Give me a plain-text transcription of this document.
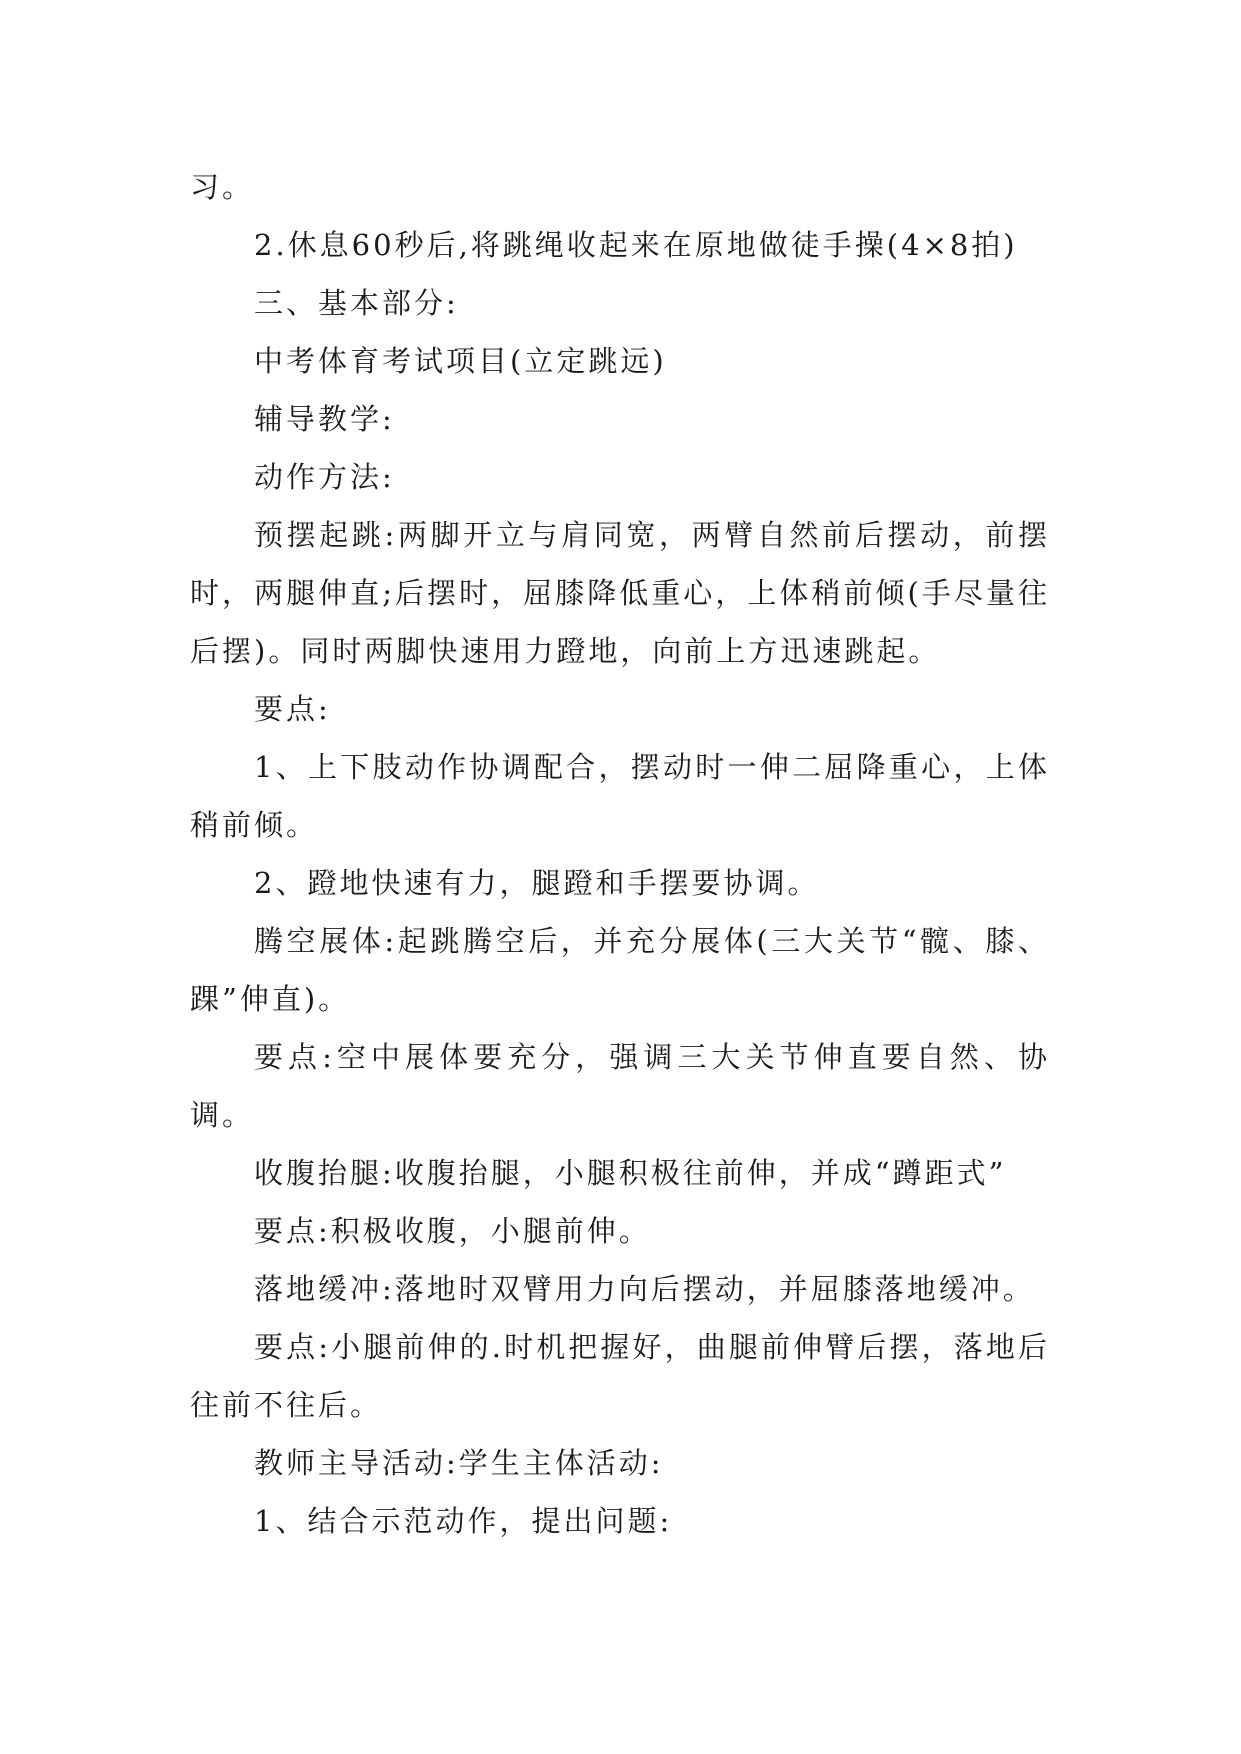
习。

2.休息60秒后,将跳绳收起来在原地做徒手操(4×8拍)

三、基本部分:

中考体育考试项目(立定跳远)

辅导教学:

动作方法:

预摆起跳:两脚开立与肩同宽，两臂自然前后摆动，前摆时，两腿伸直;后摆时，屈膝降低重心，上体稍前倾(手尽量往后摆)。同时两脚快速用力蹬地，向前上方迅速跳起。

要点:

1、上下肢动作协调配合，摆动时一伸二屈降重心，上体稍前倾。

2、蹬地快速有力，腿蹬和手摆要协调。

腾空展体:起跳腾空后，并充分展体(三大关节“髋、膝、踝”伸直)。

要点:空中展体要充分，强调三大关节伸直要自然、协调。

收腹抬腿:收腹抬腿，小腿积极往前伸，并成“蹲距式”

要点:积极收腹，小腿前伸。

落地缓冲:落地时双臂用力向后摆动，并屈膝落地缓冲。

要点:小腿前伸的.时机把握好，曲腿前伸臂后摆，落地后往前不往后。

教师主导活动:学生主体活动:

1、结合示范动作，提出问题:
